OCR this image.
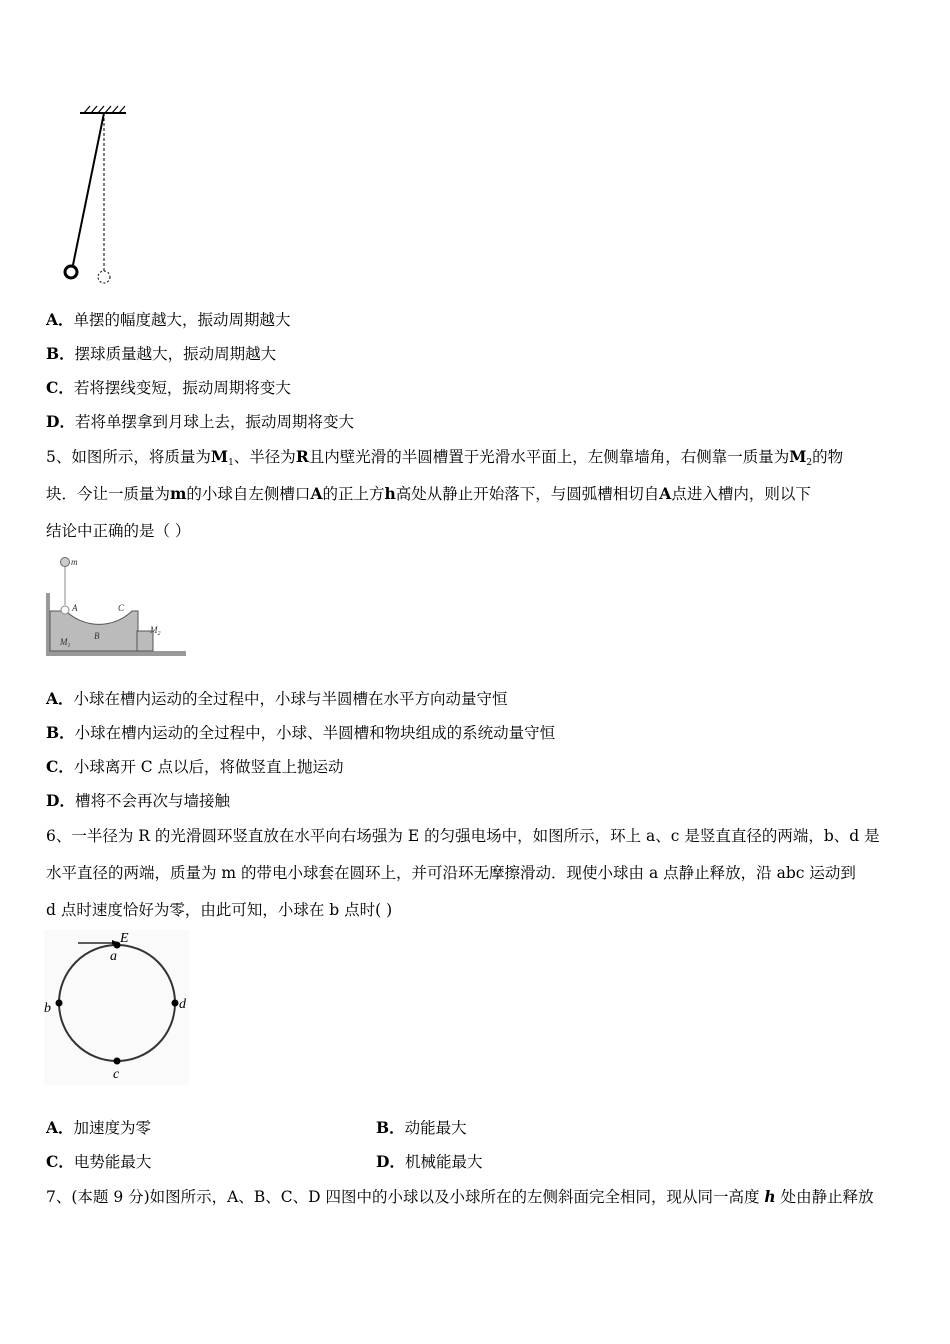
A．单摆的幅度越大，振动周期越大
B．摆球质量越大，振动周期越大
C．若将摆线变短，振动周期将变大
D．若将单摆拿到月球上去，振动周期将变大
5、如图所示，将质量为$M_1$、半径为R且内壁光滑的半圆槽置于光滑水平面上，左侧靠墙角，右侧靠一质量为$M_2$的物
块．今让一质量为m的小球自左侧槽口A的正上方h高处从静止开始落下，与圆弧槽相切自A点进入槽内，则以下
结论中正确的是（ ）
m
A
B
C
$M_1$
$M_2$
A．小球在槽内运动的全过程中，小球与半圆槽在水平方向动量守恒
B．小球在槽内运动的全过程中，小球、半圆槽和物块组成的系统动量守恒
C．小球离开 C 点以后，将做竖直上抛运动
D．槽将不会再次与墙接触
6、一半径为 R 的光滑圆环竖直放在水平向右场强为 E 的匀强电场中，如图所示，环上 a、c 是竖直直径的两端，b、d 是
水平直径的两端，质量为 m 的带电小球套在圆环上，并可沿环无摩擦滑动．现使小球由 a 点静止释放，沿 abc 运动到
d 点时速度恰好为零，由此可知，小球在 b 点时( )
E
a
b	d
c
A．加速度为零	B．动能最大
C．电势能最大	D．机械能最大
7、(本题 9 分)如图所示，A、B、C、D 四图中的小球以及小球所在的左侧斜面完全相同，现从同一高度 h 处由静止释放
